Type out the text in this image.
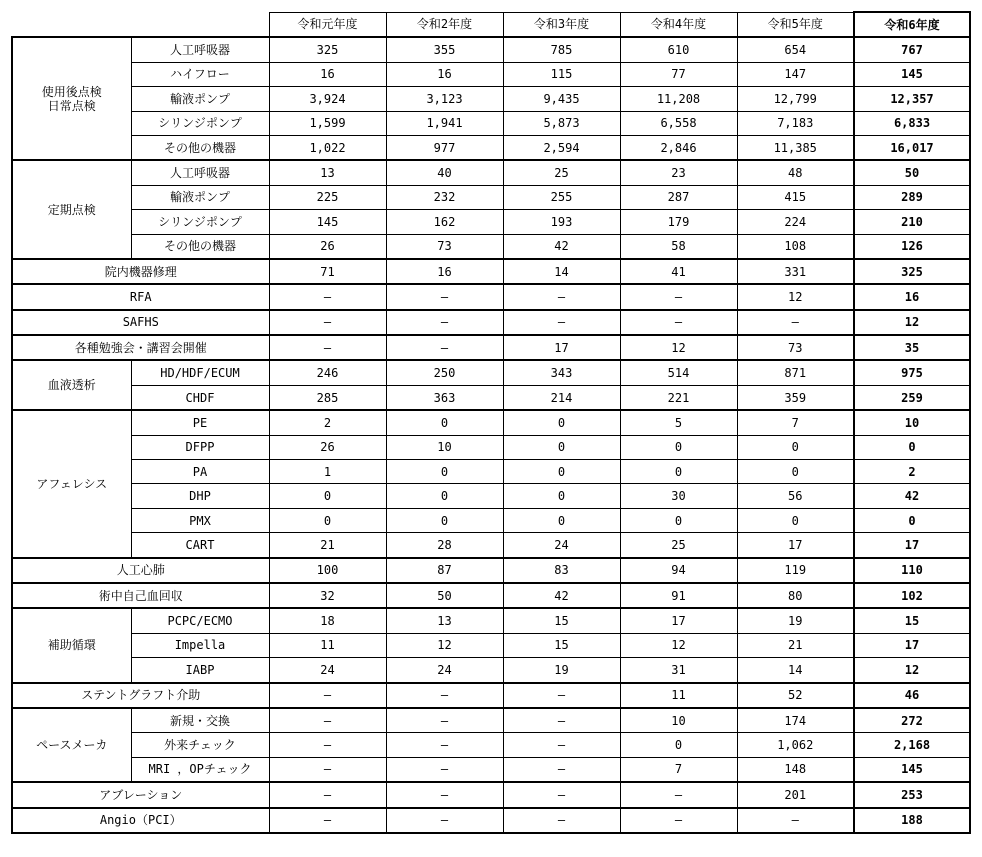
		令和元年度	令和2年度	令和3年度	令和4年度	令和5年度	令和6年度

使用後点検
日常点検	人工呼吸器	325	355	785	610	654	767
	ハイフロー	16	16	115	77	147	145
	輸液ポンプ	3,924	3,123	9,435	11,208	12,799	12,357
	シリンジポンプ	1,599	1,941	5,873	6,558	7,183	6,833
	その他の機器	1,022	977	2,594	2,846	11,385	16,017

定期点検	人工呼吸器	13	40	25	23	48	50
	輸液ポンプ	225	232	255	287	415	289
	シリンジポンプ	145	162	193	179	224	210
	その他の機器	26	73	42	58	108	126
院内機器修理		71	16	14	41	331	325
RFA		―	―	―	―	12	16
SAFHS		―	―	―	―	―	12
各種勉強会・講習会開催		―	―	17	12	73	35

血液透析	HD/HDF/ECUM	246	250	343	514	871	975
	CHDF	285	363	214	221	359	259

アフェレシス	PE	2	0	0	5	7	10
	DFPP	26	10	0	0	0	0
	PA	1	0	0	0	0	2
	DHP	0	0	0	30	56	42
	PMX	0	0	0	0	0	0
	CART	21	28	24	25	17	17
人工心肺		100	87	83	94	119	110
術中自己血回収		32	50	42	91	80	102

補助循環	PCPC/ECMO	18	13	15	17	19	15
	Impella	11	12	15	12	21	17
	IABP	24	24	19	31	14	12
ステントグラフト介助		―	―	―	11	52	46

ペースメーカ	新規・交換	―	―	―	10	174	272
	外来チェック	―	―	―	0	1,062	2,168
	MRI ，OPチェック	―	―	―	7	148	145
アブレーション		―	―	―	―	201	253
Angio（PCI）		―	―	―	―	―	188
